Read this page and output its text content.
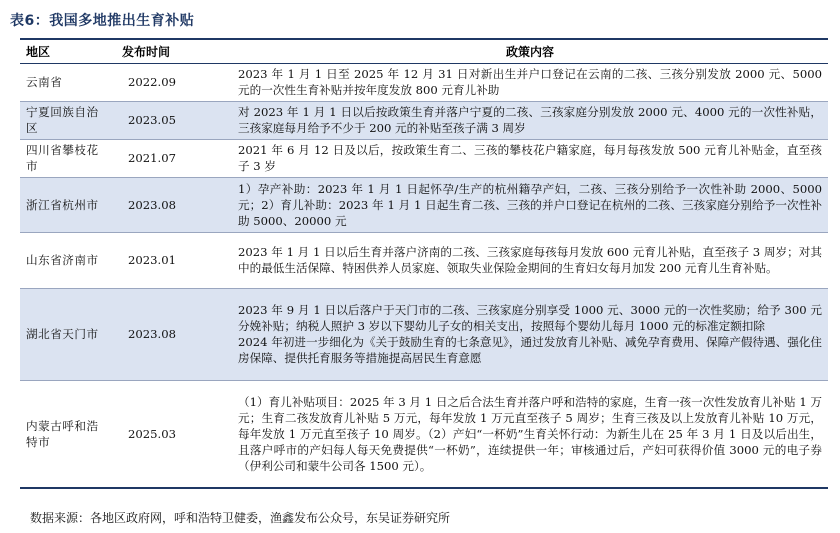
表6：我国多地推出生育补贴
地区	发布时间	政策内容
云南省	2022.09	2023 年 1 月 1 日至 2025 年 12 月 31 日对新出生并户口登记在云南的二孩、三孩分别发放 2000 元、5000 元的一次性生育补贴并按年度发放 800 元育儿补助
宁夏回族自治区	2023.05	对 2023 年 1 月 1 日以后按政策生育并落户宁夏的二孩、三孩家庭分别发放 2000 元、4000 元的一次性补贴，三孩家庭每月给予不少于 200 元的补贴至孩子满 3 周岁
四川省攀枝花市	2021.07	2021 年 6 月 12 日及以后，按政策生育二、三孩的攀枝花户籍家庭，每月每孩发放 500 元育儿补贴金，直至孩子 3 岁
浙江省杭州市	2023.08	1）孕产补助：2023 年 1 月 1 日起怀孕/生产的杭州籍孕产妇，二孩、三孩分别给予一次性补助 2000、5000 元；2）育儿补助：2023 年 1 月 1 日起生育二孩、三孩的并户口登记在杭州的二孩、三孩家庭分别给予一次性补助 5000、20000 元
山东省济南市	2023.01	2023 年 1 月 1 日以后生育并落户济南的二孩、三孩家庭每孩每月发放 600 元育儿补贴，直至孩子 3 周岁；对其中的最低生活保障、特困供养人员家庭、领取失业保险金期间的生育妇女每月加发 200 元育儿生育补贴。
湖北省天门市	2023.08	2023 年 9 月 1 日以后落户于天门市的二孩、三孩家庭分别享受 1000 元、3000 元的一次性奖励；给予 300 元分娩补贴；纳税人照护 3 岁以下婴幼儿子女的相关支出，按照每个婴幼儿每月 1000 元的标准定额扣除
2024 年初进一步细化为《关于鼓励生育的七条意见》，通过发放育儿补贴、减免孕育费用、保障产假待遇、强化住房保障、提供托育服务等措施提高居民生育意愿
内蒙古呼和浩特市	2025.03	（1）育儿补贴项目：2025 年 3 月 1 日之后合法生育并落户呼和浩特的家庭，生育一孩一次性发放育儿补贴 1 万元；生育二孩发放育儿补贴 5 万元，每年发放 1 万元直至孩子 5 周岁；生育三孩及以上发放育儿补贴 10 万元，每年发放 1 万元直至孩子 10 周岁。（2）产妇“一杯奶”生育关怀行动：为新生儿在 25 年 3 月 1 日及以后出生，且落户呼市的产妇每人每天免费提供“一杯奶”，连续提供一年；审核通过后，产妇可获得价值 3000 元的电子券（伊利公司和蒙牛公司各 1500 元）。
数据来源：各地区政府网，呼和浩特卫健委，渔鑫发布公众号，东吴证券研究所
